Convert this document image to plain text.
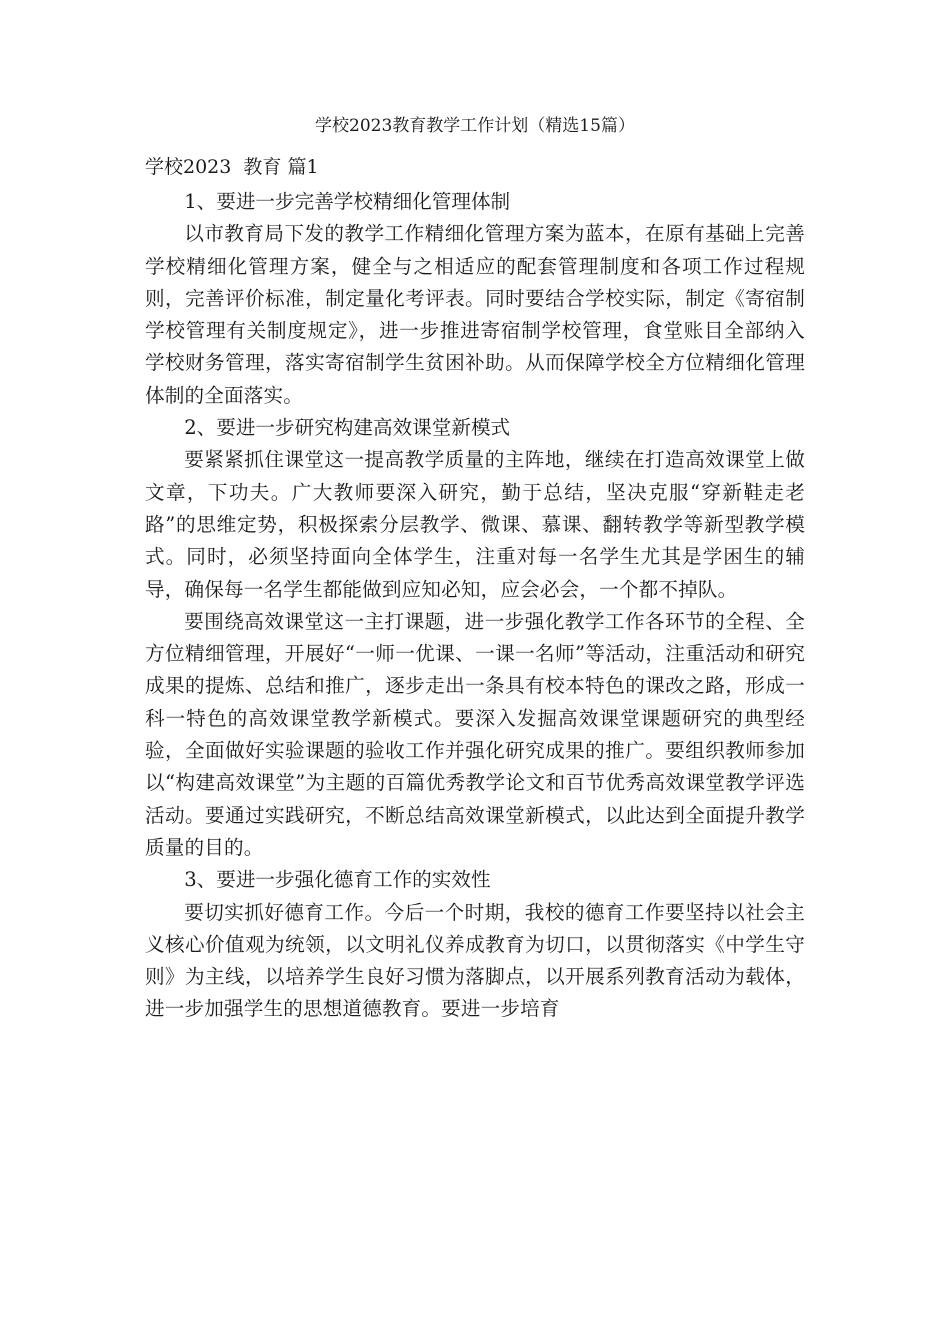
学校2023教育教学工作计划（精选15篇）
学校2023  教育 篇1

1、要进一步完善学校精细化管理体制

以市教育局下发的教学工作精细化管理方案为蓝本，在原有基础上完善学校精细化管理方案，健全与之相适应的配套管理制度和各项工作过程规则，完善评价标准，制定量化考评表。同时要结合学校实际，制定《寄宿制学校管理有关制度规定》，进一步推进寄宿制学校管理，食堂账目全部纳入学校财务管理，落实寄宿制学生贫困补助。从而保障学校全方位精细化管理体制的全面落实。

2、要进一步研究构建高效课堂新模式

要紧紧抓住课堂这一提高教学质量的主阵地，继续在打造高效课堂上做文章，下功夫。广大教师要深入研究，勤于总结，坚决克服“穿新鞋走老路”的思维定势，积极探索分层教学、微课、慕课、翻转教学等新型教学模式。同时，必须坚持面向全体学生，注重对每一名学生尤其是学困生的辅导，确保每一名学生都能做到应知必知，应会必会，一个都不掉队。

要围绕高效课堂这一主打课题，进一步强化教学工作各环节的全程、全方位精细管理，开展好“一师一优课、一课一名师”等活动，注重活动和研究成果的提炼、总结和推广，逐步走出一条具有校本特色的课改之路，形成一科一特色的高效课堂教学新模式。要深入发掘高效课堂课题研究的典型经验，全面做好实验课题的验收工作并强化研究成果的推广。要组织教师参加以“构建高效课堂”为主题的百篇优秀教学论文和百节优秀高效课堂教学评选活动。要通过实践研究，不断总结高效课堂新模式，以此达到全面提升教学质量的目的。

3、要进一步强化德育工作的实效性

要切实抓好德育工作。今后一个时期，我校的德育工作要坚持以社会主义核心价值观为统领，以文明礼仪养成教育为切口，以贯彻落实《中学生守则》为主线，以培养学生良好习惯为落脚点，以开展系列教育活动为载体，进一步加强学生的思想道德教育。要进一步培育
